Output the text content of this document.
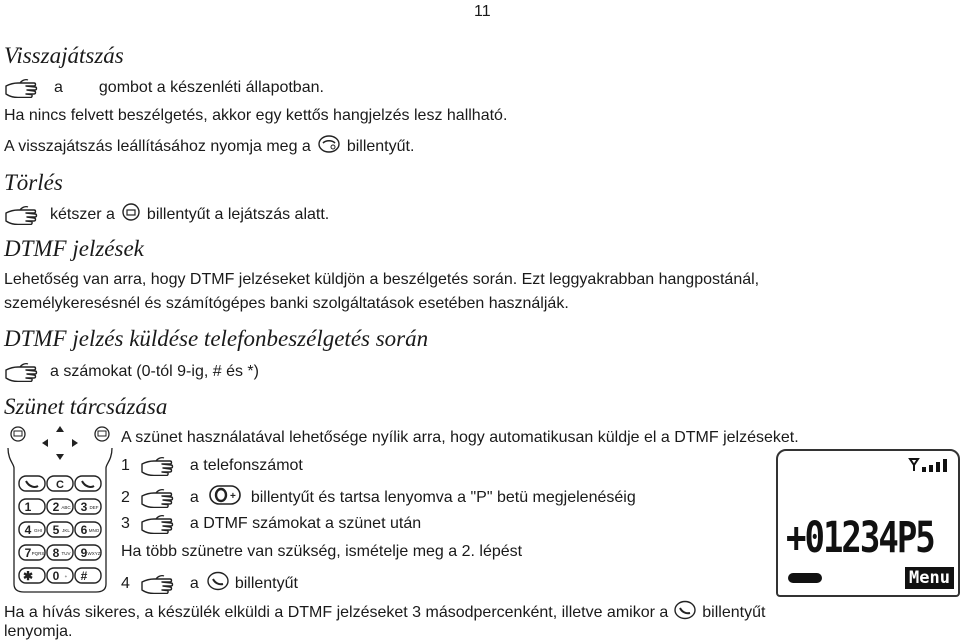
11
Visszajátszás
a gombot a készenléti állapotban.
Ha nincs felvett beszélgetés, akkor egy kettős hangjelzés lesz hallható.
A visszajátszás leállításához nyomja meg a billentyűt.
Törlés
kétszer a billentyűt a lejátszás alatt.
DTMF jelzések
Lehetőség van arra, hogy DTMF jelzéseket küldjön a beszélgetés során. Ezt leggyakrabban hangpostánál,
személykeresésnél és számítógépes banki szolgáltatások esetében használják.
DTMF jelzés küldése telefonbeszélgetés során
a számokat (0-tól 9-ig, # és *)
Szünet tárcsázása
A szünet használatával lehetősége nyílik arra, hogy automatikusan küldje el a DTMF jelzéseket.
1	a telefonszámot
2	a	+ billentyűt és tartsa lenyomva a "P" betü megjelenéséig
3	a DTMF számokat a szünet után
Ha több szünetre van szükség, ismételje meg a 2. lépést
4	a billentyűt
Ha a hívás sikeres, a készülék elküldi a DTMF jelzéseket 3 másodpercenként, illetve amikor a billentyűt
lenyomja.
C
1 2 ABC 3 DEF
4 GHI 5 JKL 6 MNO
7 PQRS 8 TUV 9 WXYZ
✱ 0 + #
+01234P5
Menu
